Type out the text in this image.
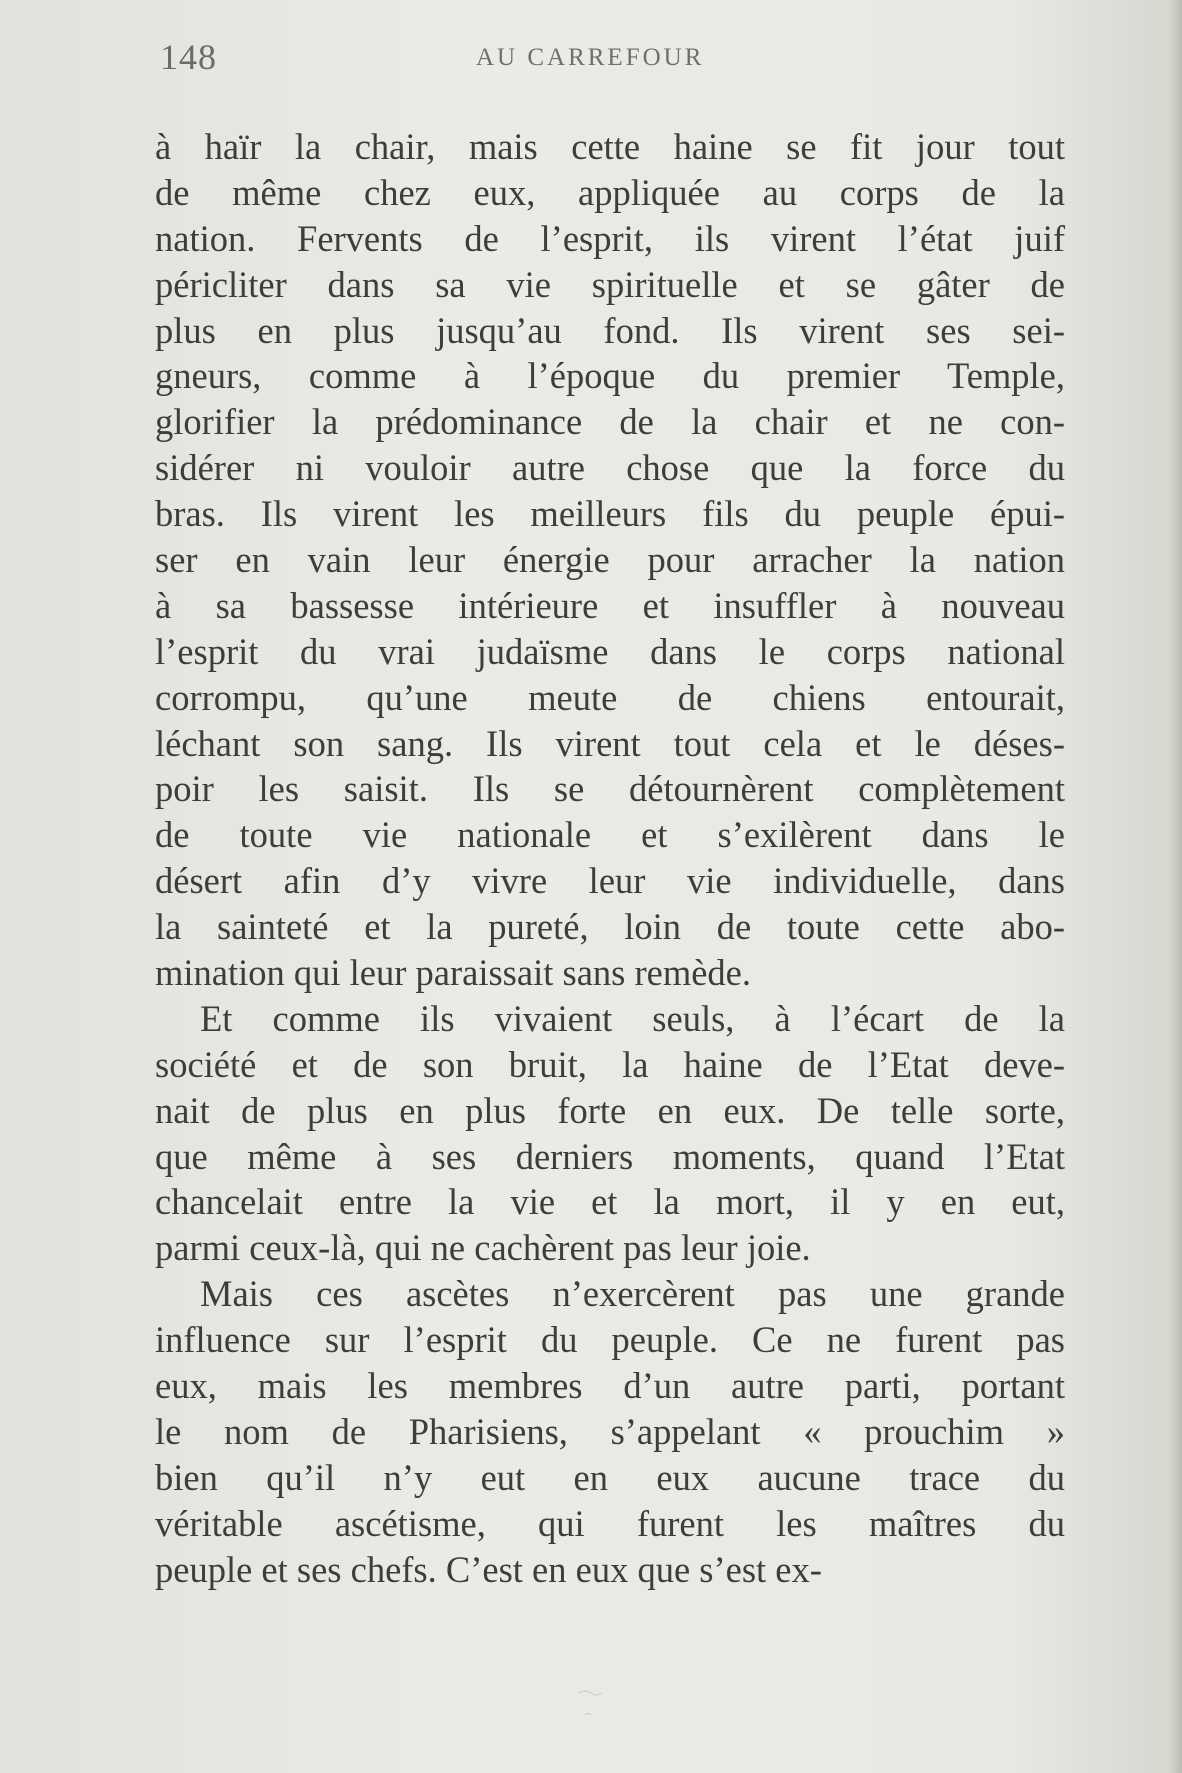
148	AU CARREFOUR
à haïr la chair, mais cette haine se fit jour tout
de même chez eux, appliquée au corps de la
nation. Fervents de l’esprit, ils virent l’état juif
péricliter dans sa vie spirituelle et se gâter de
plus en plus jusqu’au fond. Ils virent ses sei-
gneurs, comme à l’époque du premier Temple,
glorifier la prédominance de la chair et ne con-
sidérer ni vouloir autre chose que la force du
bras. Ils virent les meilleurs fils du peuple épui-
ser en vain leur énergie pour arracher la nation
à sa bassesse intérieure et insuffler à nouveau
l’esprit du vrai judaïsme dans le corps national
corrompu, qu’une meute de chiens entourait,
léchant son sang. Ils virent tout cela et le déses-
poir les saisit. Ils se détournèrent complètement
de toute vie nationale et s’exilèrent dans le
désert afin d’y vivre leur vie individuelle, dans
la sainteté et la pureté, loin de toute cette abo-
mination qui leur paraissait sans remède.
Et comme ils vivaient seuls, à l’écart de la
société et de son bruit, la haine de l’Etat deve-
nait de plus en plus forte en eux. De telle sorte,
que même à ses derniers moments, quand l’Etat
chancelait entre la vie et la mort, il y en eut,
parmi ceux-là, qui ne cachèrent pas leur joie.
Mais ces ascètes n’exercèrent pas une grande
influence sur l’esprit du peuple. Ce ne furent pas
eux, mais les membres d’un autre parti, portant
le nom de Pharisiens, s’appelant « prouchim »
bien qu’il n’y eut en eux aucune trace du
véritable ascétisme, qui furent les maîtres du
peuple et ses chefs. C’est en eux que s’est ex-
